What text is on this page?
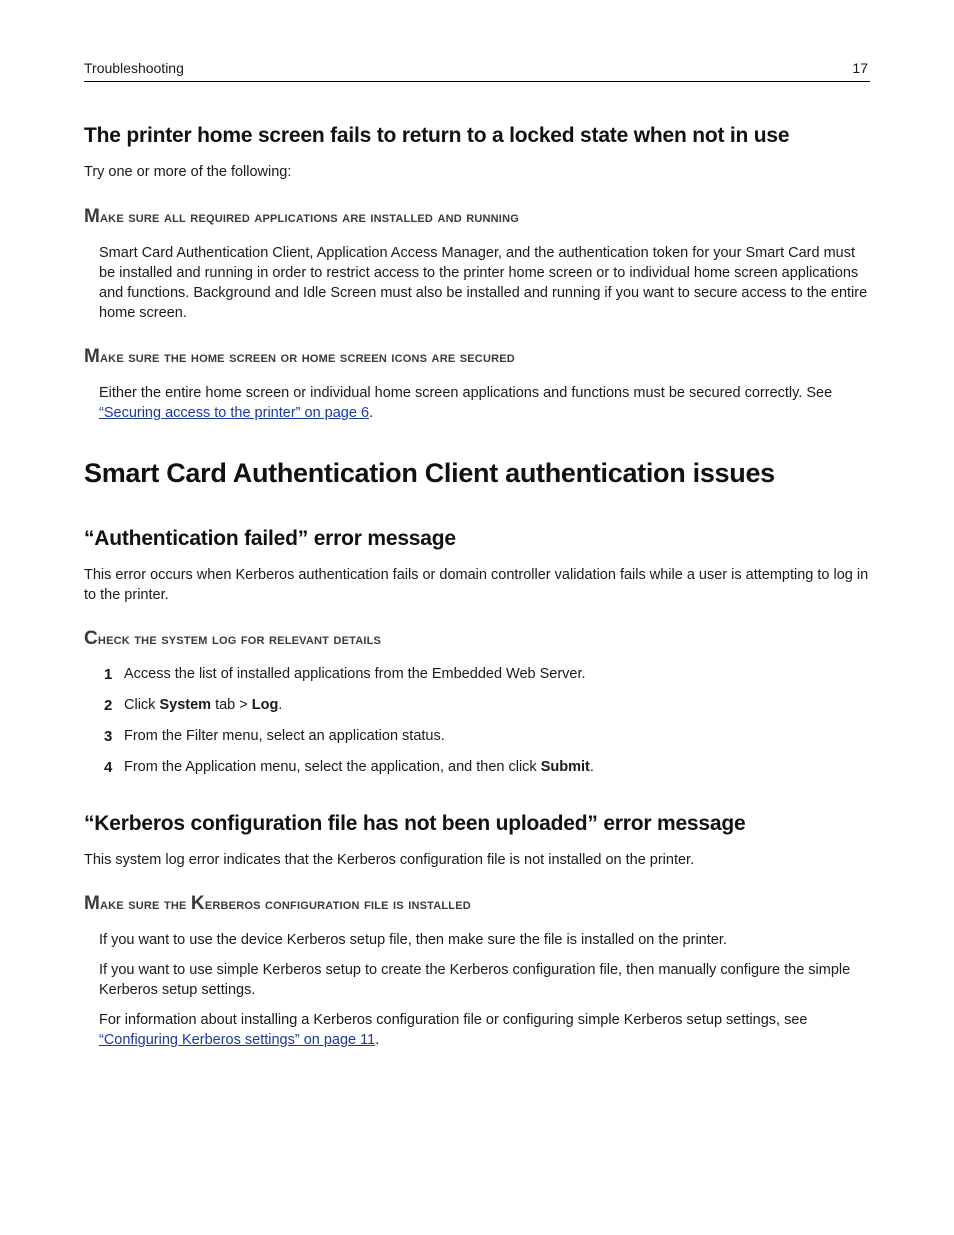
Troubleshooting	17
The printer home screen fails to return to a locked state when not in use
Try one or more of the following:
Make sure all required applications are installed and running
Smart Card Authentication Client, Application Access Manager, and the authentication token for your Smart Card must be installed and running in order to restrict access to the printer home screen or to individual home screen applications and functions. Background and Idle Screen must also be installed and running if you want to secure access to the entire home screen.
Make sure the home screen or home screen icons are secured
Either the entire home screen or individual home screen applications and functions must be secured correctly. See
“Securing access to the printer” on page 6.
Smart Card Authentication Client authentication issues
“Authentication failed” error message
This error occurs when Kerberos authentication fails or domain controller validation fails while a user is attempting to log in to the printer.
Check the system log for relevant details
1 Access the list of installed applications from the Embedded Web Server.
2 Click System tab > Log.
3 From the Filter menu, select an application status.
4 From the Application menu, select the application, and then click Submit.
“Kerberos configuration file has not been uploaded” error message
This system log error indicates that the Kerberos configuration file is not installed on the printer.
Make sure the Kerberos configuration file is installed
If you want to use the device Kerberos setup file, then make sure the file is installed on the printer.
If you want to use simple Kerberos setup to create the Kerberos configuration file, then manually configure the simple Kerberos setup settings.
For information about installing a Kerberos configuration file or configuring simple Kerberos setup settings, see
“Configuring Kerberos settings” on page 11.
